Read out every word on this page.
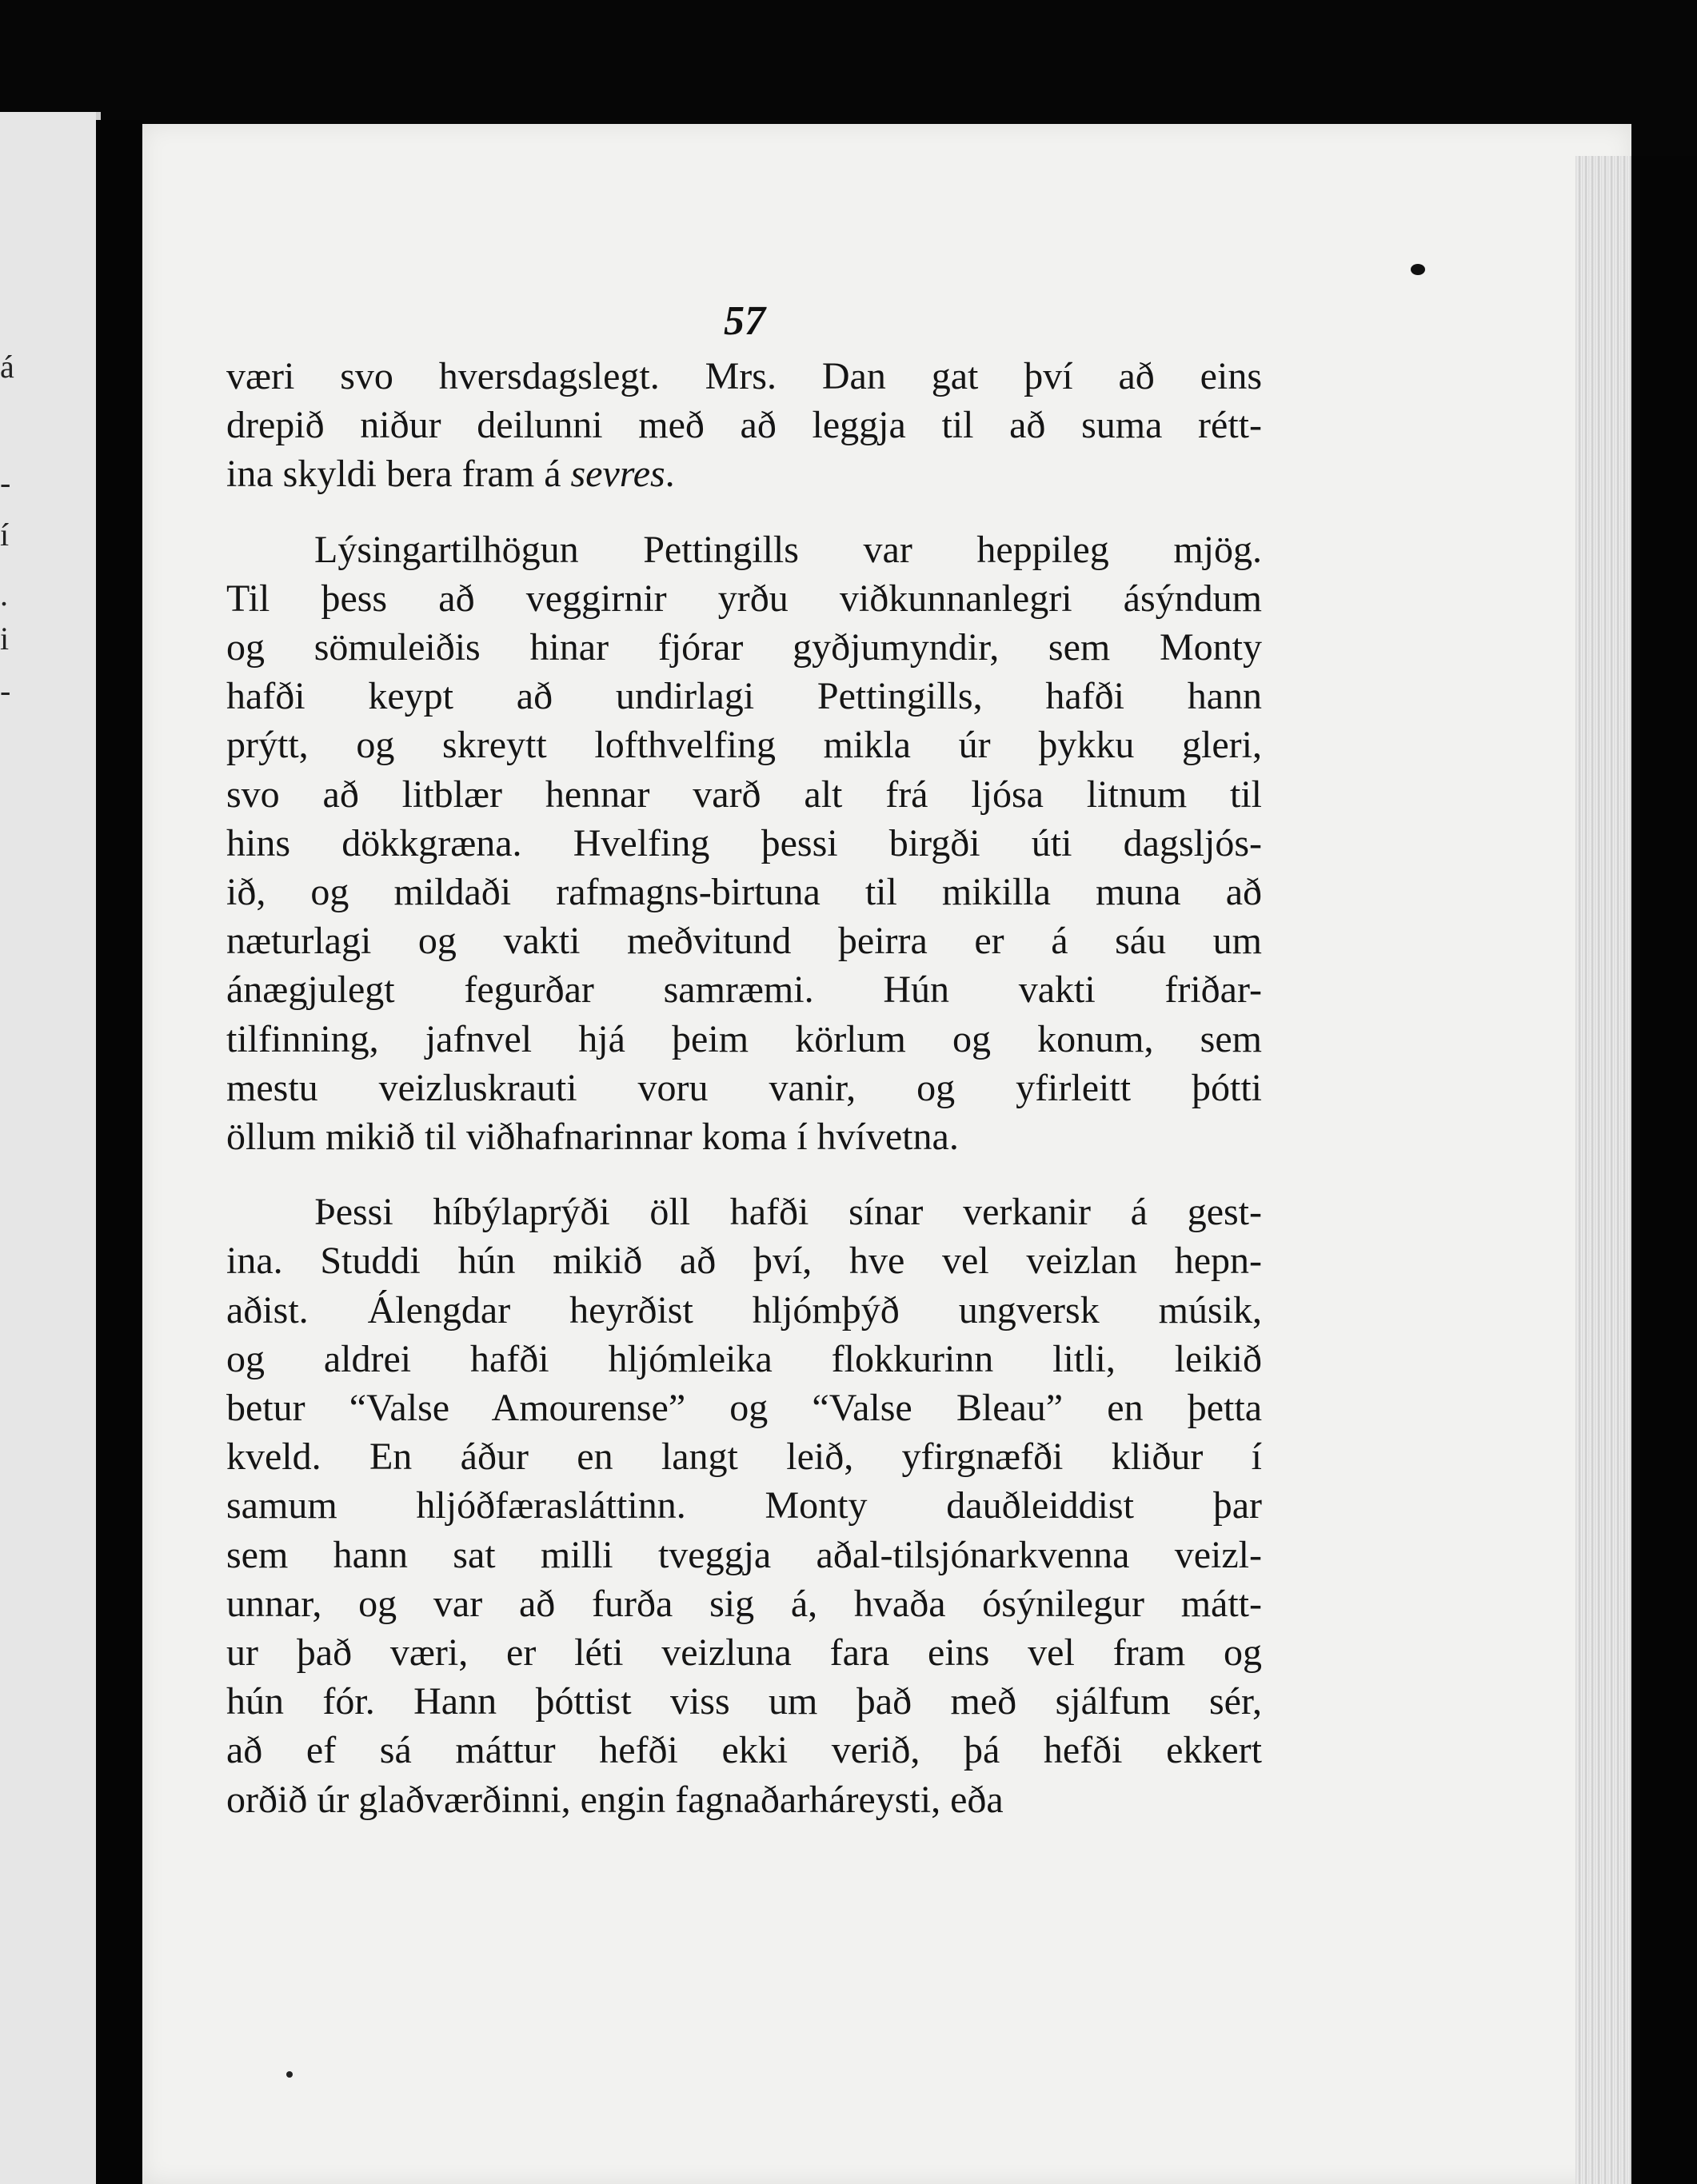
á
-
í
.
i
-
57
væri svo hversdagslegt. Mrs. Dan gat því að eins
drepið niður deilunni með að leggja til að suma rétt-
ina skyldi bera fram á sevres.
Lýsingartilhögun Pettingills var heppileg mjög.
Til þess að veggirnir yrðu viðkunnanlegri ásýndum
og sömuleiðis hinar fjórar gyðjumyndir, sem Monty
hafði keypt að undirlagi Pettingills, hafði hann
prýtt, og skreytt lofthvelfing mikla úr þykku gleri,
svo að litblær hennar varð alt frá ljósa litnum til
hins dökkgræna. Hvelfing þessi birgði úti dagsljós-
ið, og mildaði rafmagns-birtuna til mikilla muna að
næturlagi og vakti meðvitund þeirra er á sáu um
ánægjulegt fegurðar samræmi. Hún vakti friðar-
tilfinning, jafnvel hjá þeim körlum og konum, sem
mestu veizluskrauti voru vanir, og yfirleitt þótti
öllum mikið til viðhafnarinnar koma í hvívetna.
Þessi híbýlaprýði öll hafði sínar verkanir á gest-
ina. Studdi hún mikið að því, hve vel veizlan hepn-
aðist. Álengdar heyrðist hljómþýð ungversk músik,
og aldrei hafði hljómleika flokkurinn litli, leikið
betur “Valse Amourense” og “Valse Bleau” en þetta
kveld. En áður en langt leið, yfirgnæfði kliður í
samum hljóðfærasláttinn. Monty dauðleiddist þar
sem hann sat milli tveggja aðal-tilsjónarkvenna veizl-
unnar, og var að furða sig á, hvaða ósýnilegur mátt-
ur það væri, er léti veizluna fara eins vel fram og
hún fór. Hann þóttist viss um það með sjálfum sér,
að ef sá máttur hefði ekki verið, þá hefði ekkert
orðið úr glaðværðinni, engin fagnaðarháreysti, eða
